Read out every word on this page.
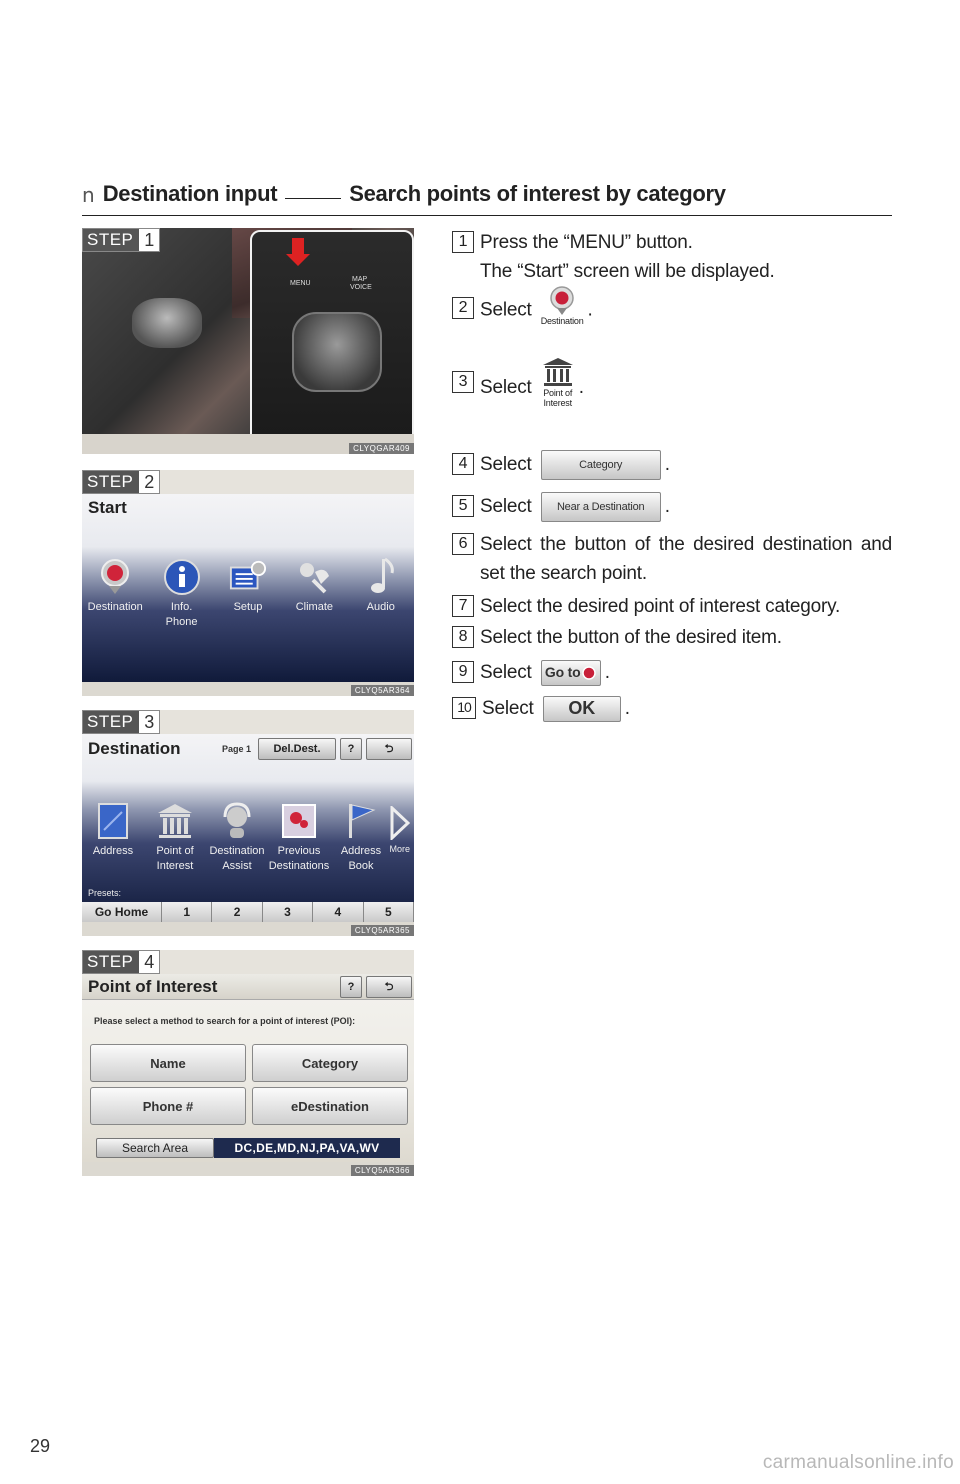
n Destination input	Search points of interest by category
STEP 1
MENU
MAP
VOICE
CLYQGAR409
STEP 2
Start
Destination	Info.
Phone
Setup	Climate	Audio
CLYQ5AR364
STEP 3
Destination	Page 1	Del.Dest.	?	⮌
Address Point of
Interest
Destination
Assist
Previous
Destinations
Address
Book
More
Presets:
Go Home	1	2	3	4	5
CLYQ5AR365
STEP 4
Point of Interest	?	⮌
Please select a method to search for a point of interest (POI):
Name	Category
Phone #	eDestination
Search Area	DC,DE,MD,NJ,PA,VA,WV
CLYQ5AR366
1 Press the “MENU” button.
The “Start” screen will be displayed.
2 Select
Destination
.
3 Select Point of
Interest
.
4 Select	Category .
5 Select Near a Destination .
6 Select the button of the desired destination and set the search point.
7 Select the desired point of interest category.
8 Select the button of the desired item.
9 Select Go to .
10 Select OK .
29
carmanualsonline.info
